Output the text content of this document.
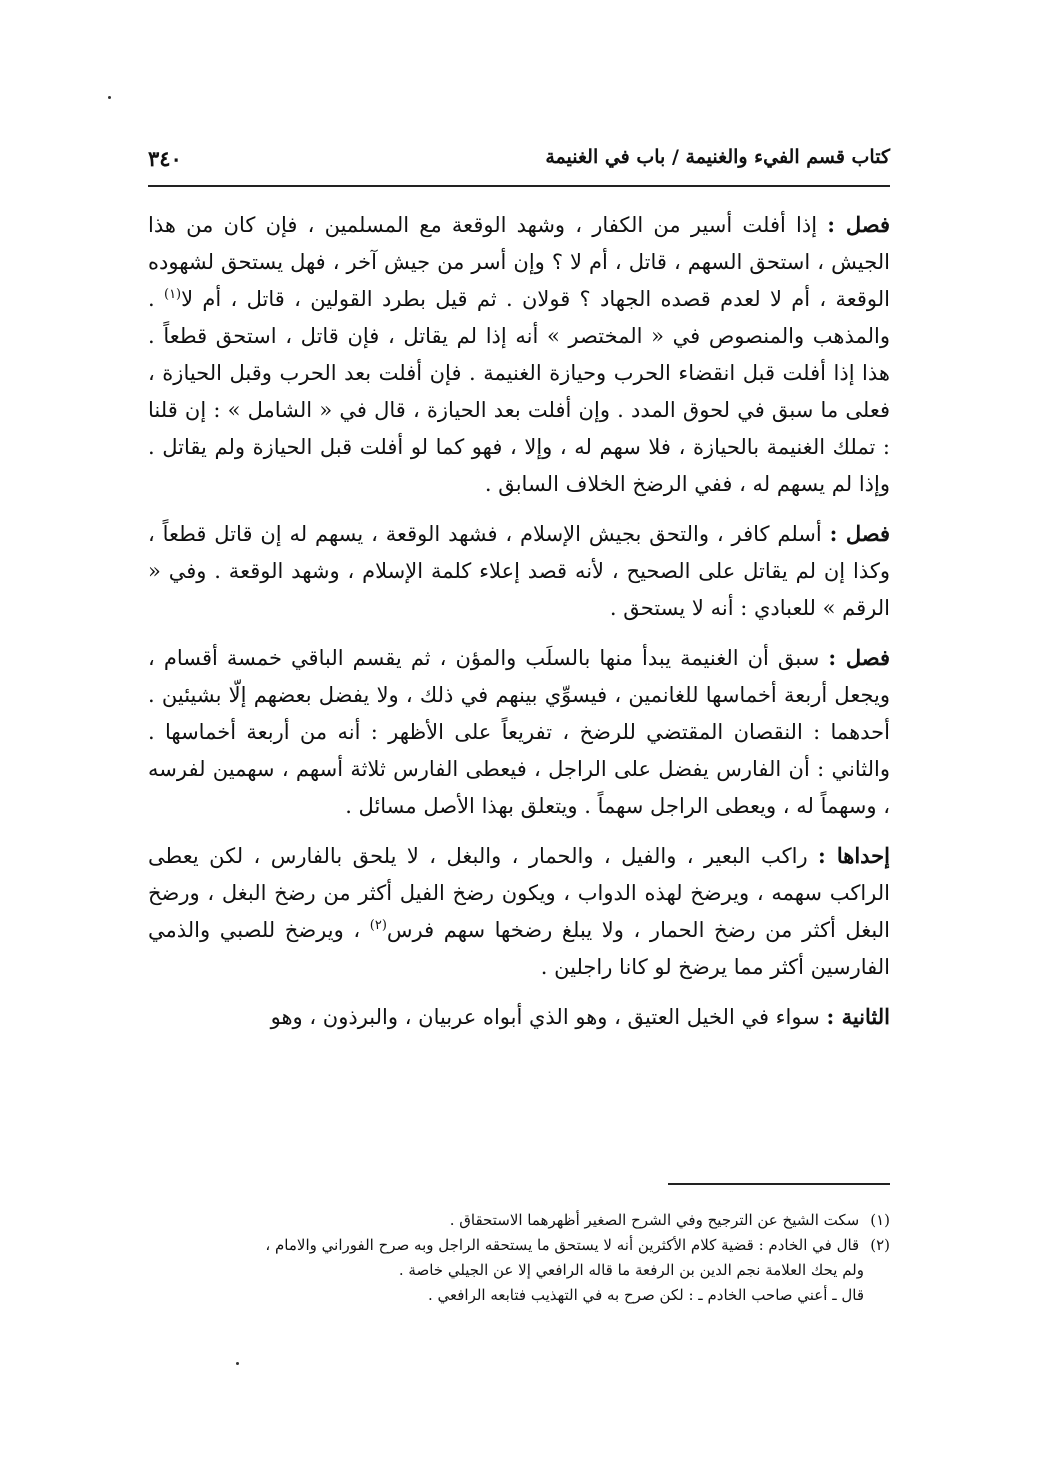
كتاب قسم الفيء والغنيمة / باب في الغنيمة
٣٤٠

فصل : إذا أفلت أسير من الكفار ، وشهد الوقعة مع المسلمين ، فإن كان من هذا الجيش ، استحق السهم ، قاتل ، أم لا ؟ وإن أسر من جيش آخر ، فهل يستحق لشهوده الوقعة ، أم لا لعدم قصده الجهاد ؟ قولان . ثم قيل بطرد القولين ، قاتل ، أم لا$^{(١)}$ . والمذهب والمنصوص في « المختصر » أنه إذا لم يقاتل ، فإن قاتل ، استحق قطعاً . هذا إذا أفلت قبل انقضاء الحرب وحيازة الغنيمة . فإن أفلت بعد الحرب وقبل الحيازة ، فعلى ما سبق في لحوق المدد . وإن أفلت بعد الحيازة ، قال في « الشامل » : إن قلنا : تملك الغنيمة بالحيازة ، فلا سهم له ، وإلا ، فهو كما لو أفلت قبل الحيازة ولم يقاتل . وإذا لم يسهم له ، ففي الرضخ الخلاف السابق .

فصل : أسلم كافر ، والتحق بجيش الإسلام ، فشهد الوقعة ، يسهم له إن قاتل قطعاً ، وكذا إن لم يقاتل على الصحيح ، لأنه قصد إعلاء كلمة الإسلام ، وشهد الوقعة . وفي « الرقم » للعبادي : أنه لا يستحق .

فصل : سبق أن الغنيمة يبدأ منها بالسلَب والمؤن ، ثم يقسم الباقي خمسة أقسام ، ويجعل أربعة أخماسها للغانمين ، فيسوِّي بينهم في ذلك ، ولا يفضل بعضهم إلّا بشيئين . أحدهما : النقصان المقتضي للرضخ ، تفريعاً على الأظهر : أنه من أربعة أخماسها . والثاني : أن الفارس يفضل على الراجل ، فيعطى الفارس ثلاثة أسهم ، سهمين لفرسه ، وسهماً له ، ويعطى الراجل سهماً . ويتعلق بهذا الأصل مسائل .

إحداها : راكب البعير ، والفيل ، والحمار ، والبغل ، لا يلحق بالفارس ، لكن يعطى الراكب سهمه ، ويرضخ لهذه الدواب ، ويكون رضخ الفيل أكثر من رضخ البغل ، ورضخ البغل أكثر من رضخ الحمار ، ولا يبلغ رضخها سهم فرس$^{(٢)}$ ، ويرضخ للصبي والذمي الفارسين أكثر مما يرضخ لو كانا راجلين .

الثانية : سواء في الخيل العتيق ، وهو الذي أبواه عربيان ، والبرذون ، وهو

(١) سكت الشيخ عن الترجيح وفي الشرح الصغير أظهرهما الاستحقاق .

(٢) قال في الخادم : قضية كلام الأكثرين أنه لا يستحق ما يستحقه الراجل وبه صرح الفوراني والامام ،

ولم يحك العلامة نجم الدين بن الرفعة ما قاله الرافعي إلا عن الجيلي خاصة .

قال ـ أعني صاحب الخادم ـ : لكن صرح به في التهذيب فتابعه الرافعي .
